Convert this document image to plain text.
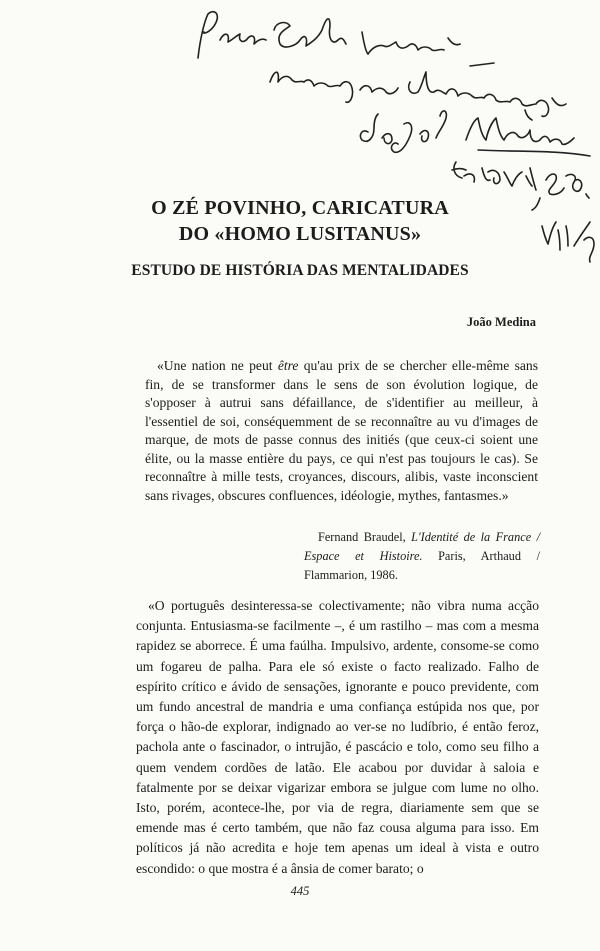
O ZÉ POVINHO, CARICATURA
DO «HOMO LUSITANUS»
ESTUDO DE HISTÓRIA DAS MENTALIDADES
João Medina

«Une nation ne peut être qu'au prix de se chercher elle-même sans fin, de se transformer dans le sens de son évolution logique, de s'opposer à autrui sans défaillance, de s'identifier au meilleur, à l'essentiel de soi, conséquemment de se reconnaître au vu d'images de marque, de mots de passe connus des initiés (que ceux-ci soient une élite, ou la masse entière du pays, ce qui n'est pas toujours le cas). Se reconnaître à mille tests, croyances, discours, alibis, vaste inconscient sans rivages, obscures confluences, idéologie, mythes, fantasmes.»

Fernand Braudel, L'Identité de la France / Espace et Histoire. Paris, Arthaud / Flammarion, 1986.

«O português desinteressa-se colectivamente; não vibra numa acção conjunta. Entusiasma-se facilmente –, é um rastilho – mas com a mesma rapidez se aborrece. É uma faúlha. Impulsivo, ardente, consome-se como um fogareu de palha. Para ele só existe o facto realizado. Falho de espírito crítico e ávido de sensações, ignorante e pouco previdente, com um fundo ancestral de mandria e uma confiança estúpida nos que, por força o hão-de explorar, indignado ao ver-se no ludíbrio, é então feroz, pachola ante o fascinador, o intrujão, é pascácio e tolo, como seu filho a quem vendem cordões de latão. Ele acabou por duvidar à saloia e fatalmente por se deixar vigarizar embora se julgue com lume no olho. Isto, porém, acontece-lhe, por via de regra, diariamente sem que se emende mas é certo também, que não faz cousa alguma para isso. Em políticos já não acredita e hoje tem apenas um ideal à vista e outro escondido: o que mostra é a ânsia de comer barato; o

445
